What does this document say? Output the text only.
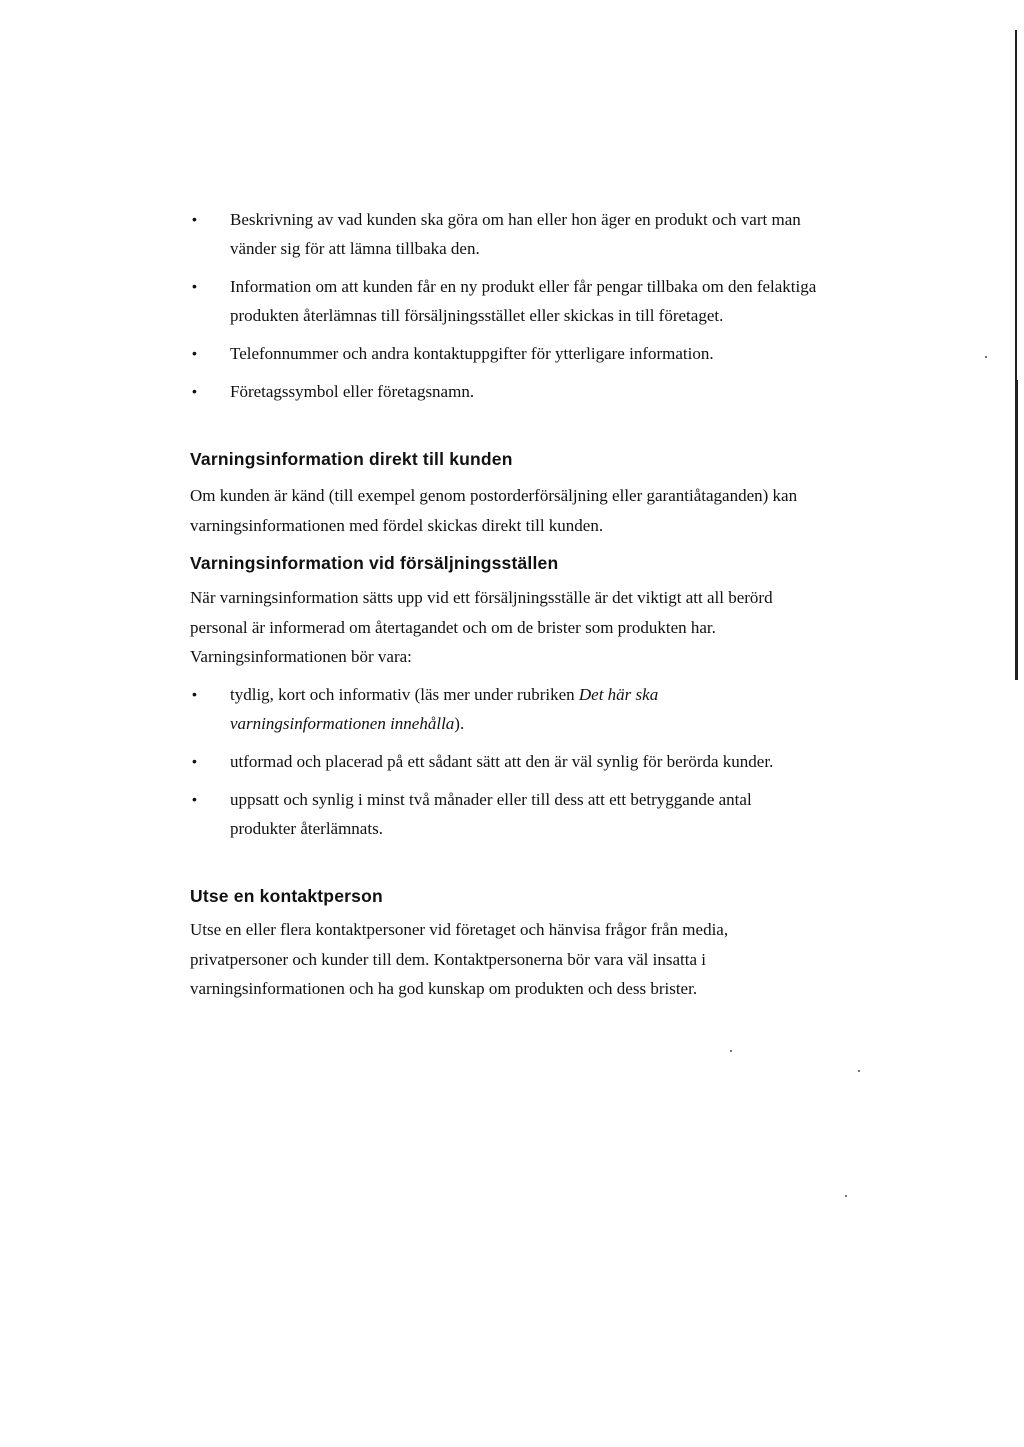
• Beskrivning av vad kunden ska göra om han eller hon äger en produkt och vart man vänder sig för att lämna tillbaka den.
• Information om att kunden får en ny produkt eller får pengar tillbaka om den felaktiga produkten återlämnas till försäljningsstället eller skickas in till företaget.
• Telefonnummer och andra kontaktuppgifter för ytterligare information.
• Företagssymbol eller företagsnamn.
Varningsinformation direkt till kunden

Om kunden är känd (till exempel genom postorderförsäljning eller garantiåtaganden) kan varningsinformationen med fördel skickas direkt till kunden.

Varningsinformation vid försäljningsställen

När varningsinformation sätts upp vid ett försäljningsställe är det viktigt att all berörd personal är informerad om återtagandet och om de brister som produkten har. Varningsinformationen bör vara:

• tydlig, kort och informativ (läs mer under rubriken Det här ska varningsinformationen innehålla).
• utformad och placerad på ett sådant sätt att den är väl synlig för berörda kunder.
• uppsatt och synlig i minst två månader eller till dess att ett betryggande antal produkter återlämnats.
Utse en kontaktperson

Utse en eller flera kontaktpersoner vid företaget och hänvisa frågor från media, privatpersoner och kunder till dem. Kontaktpersonerna bör vara väl insatta i varningsinformationen och ha god kunskap om produkten och dess brister.
